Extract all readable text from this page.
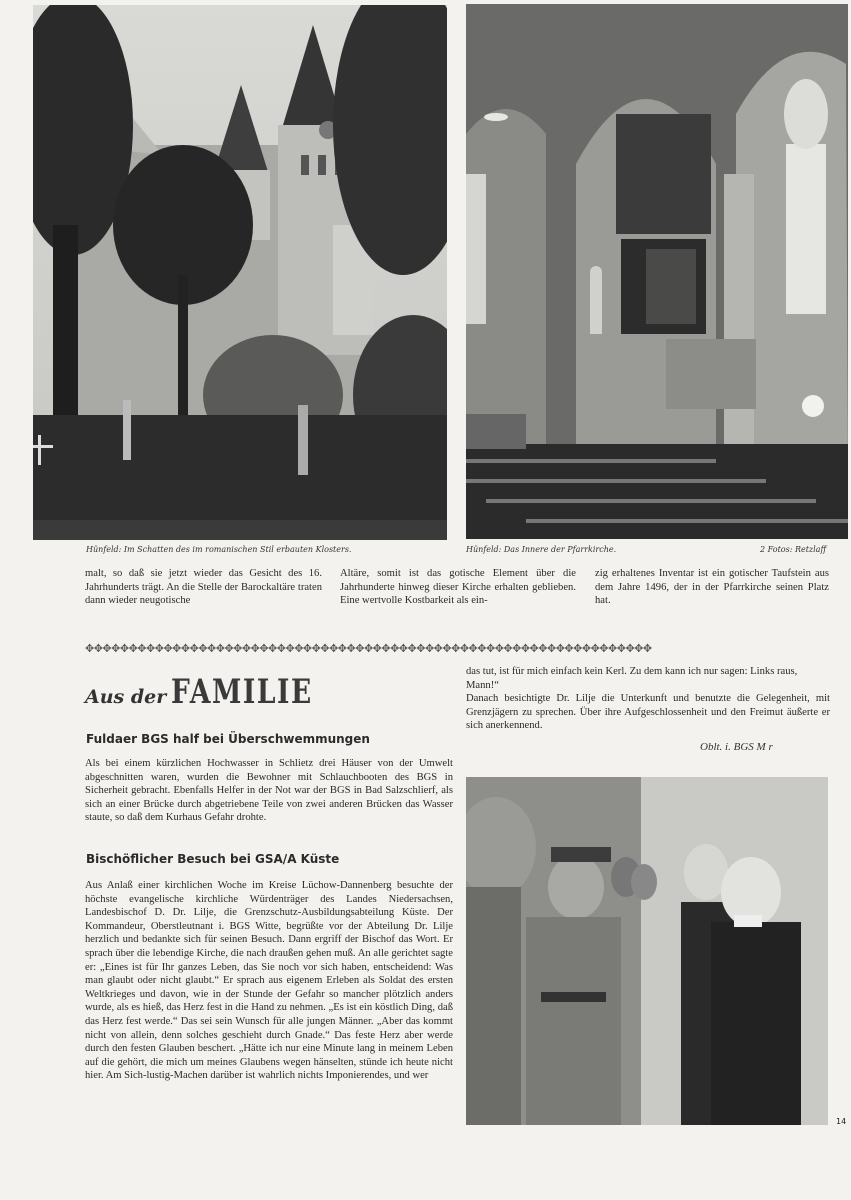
Hünfeld: Im Schatten des im romanischen Stil erbauten Klosters.	Hünfeld: Das Innere der Pfarrkirche.	2 Fotos: Retzlaff

malt, so daß sie jetzt wieder das Gesicht des 16. Jahrhunderts trägt. An die Stelle der Barockaltäre traten dann wieder neugotische

Altäre, somit ist das gotische Element über die Jahrhunderte hinweg dieser Kirche erhalten geblieben. Eine wertvolle Kostbarkeit als ein-

zig erhaltenes Inventar ist ein gotischer Taufstein aus dem Jahre 1496, der in der Pfarrkirche seinen Platz hat.

✥✥✥✥✥✥✥✥✥✥✥✥✥✥✥✥✥✥✥✥✥✥✥✥✥✥✥✥✥✥✥✥✥✥✥✥✥✥✥✥✥✥✥✥✥✥✥✥✥✥✥✥✥✥✥✥✥✥✥✥✥✥✥✥✥
Aus der FAMILIE
Fuldaer BGS half bei Überschwemmungen

Als bei einem kürzlichen Hochwasser in Schlietz drei Häuser von der Umwelt abgeschnitten waren, wurden die Bewohner mit Schlauchbooten des BGS in Sicherheit gebracht. Ebenfalls Helfer in der Not war der BGS in Bad Salzschlierf, als sich an einer Brücke durch abgetriebene Teile von zwei anderen Brücken das Wasser staute, so daß dem Kurhaus Gefahr drohte.

Bischöflicher Besuch bei GSA/A Küste

Aus Anlaß einer kirchlichen Woche im Kreise Lüchow-Dannenberg besuchte der höchste evangelische kirchliche Würdenträger des Landes Niedersachsen, Landesbischof D. Dr. Lilje, die Grenzschutz-Ausbildungsabteilung Küste. Der Kommandeur, Oberstleutnant i. BGS Witte, begrüßte vor der Abteilung Dr. Lilje herzlich und bedankte sich für seinen Besuch. Dann ergriff der Bischof das Wort. Er sprach über die lebendige Kirche, die nach draußen gehen muß. An alle gerichtet sagte er: „Eines ist für Ihr ganzes Leben, das Sie noch vor sich haben, entscheidend: Was man glaubt oder nicht glaubt.“ Er sprach aus eigenem Erleben als Soldat des ersten Weltkrieges und davon, wie in der Stunde der Gefahr so mancher plötzlich anders wurde, als es hieß, das Herz fest in die Hand zu nehmen. „Es ist ein köstlich Ding, daß das Herz fest werde.“ Das sei sein Wunsch für alle jungen Männer. „Aber das kommt nicht von allein, denn solches geschieht durch Gnade.“ Das feste Herz aber werde durch den festen Glauben beschert. „Hätte ich nur eine Minute lang in meinem Leben auf die gehört, die mich um meines Glaubens wegen hänselten, stünde ich heute nicht hier. Am Sich-lustig-Machen darüber ist wahrlich nichts Imponierendes, und wer

das tut, ist für mich einfach kein Kerl. Zu dem kann ich nur sagen: Links raus, Mann!“

Danach besichtigte Dr. Lilje die Unterkunft und benutzte die Gelegenheit, mit Grenzjägern zu sprechen. Über ihre Aufgeschlossenheit und den Freimut äußerte er sich anerkennend.

Oblt. i. BGS M r
14
